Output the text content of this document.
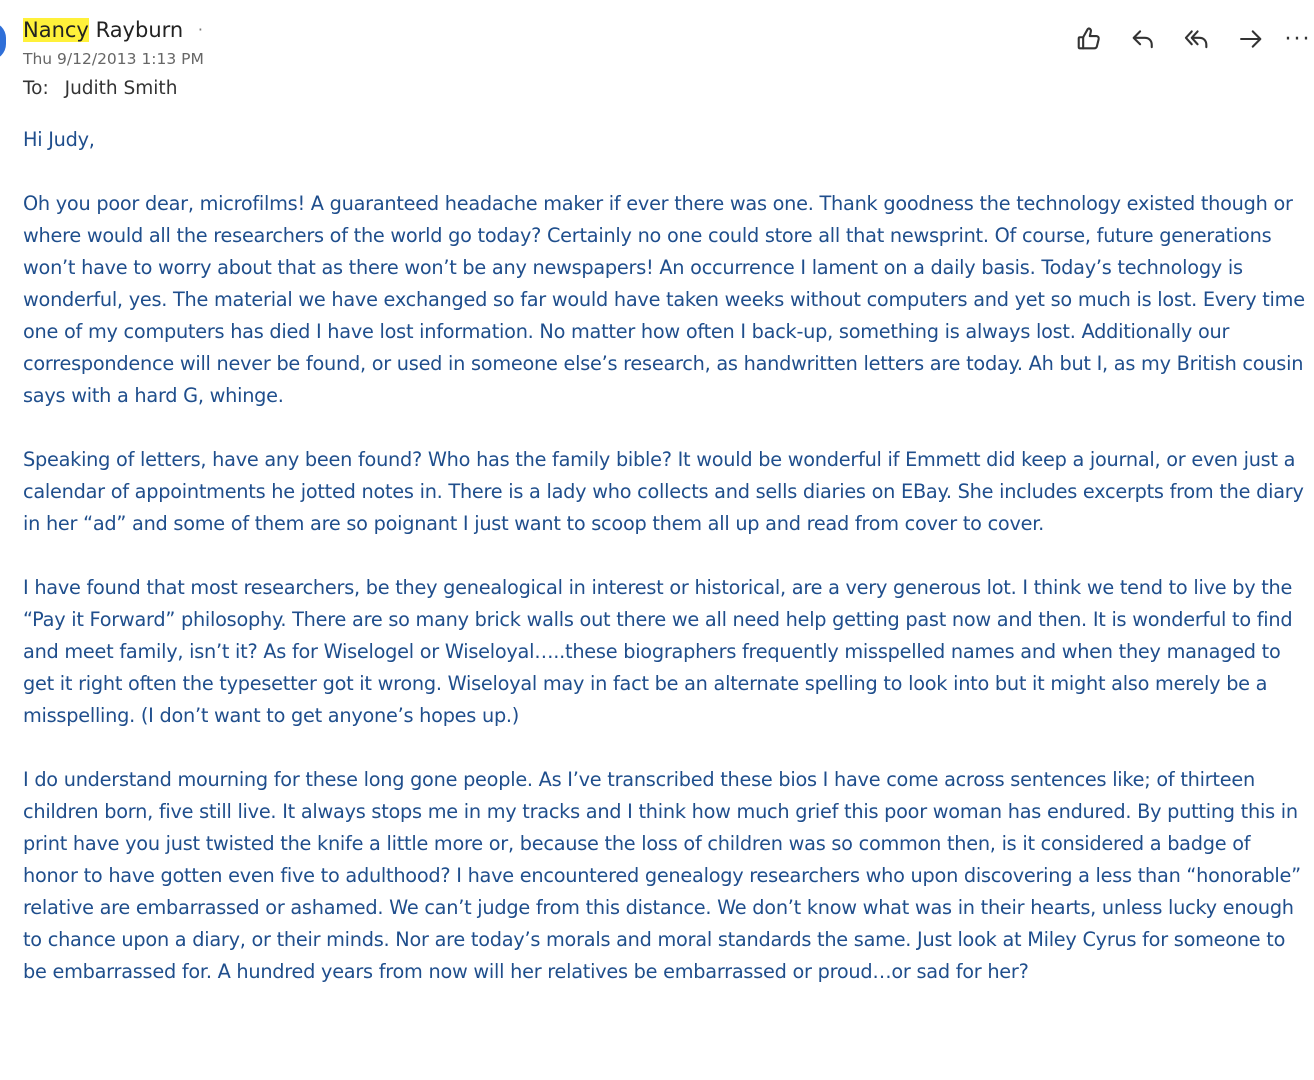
Nancy Rayburn ·
Thu 9/12/2013 1:13 PM
To: Judith Smith
···

Hi Judy,

Oh you poor dear, microfilms! A guaranteed headache maker if ever there was one. Thank goodness the technology existed though or where would all the researchers of the world go today? Certainly no one could store all that newsprint. Of course, future generations won’t have to worry about that as there won’t be any newspapers! An occurrence I lament on a daily basis. Today’s technology is wonderful, yes. The material we have exchanged so far would have taken weeks without computers and yet so much is lost. Every time one of my computers has died I have lost information. No matter how often I back-up, something is always lost. Additionally our correspondence will never be found, or used in someone else’s research, as handwritten letters are today. Ah but I, as my British cousin says with a hard G, whinge.

Speaking of letters, have any been found? Who has the family bible? It would be wonderful if Emmett did keep a journal, or even just a calendar of appointments he jotted notes in. There is a lady who collects and sells diaries on EBay. She includes excerpts from the diary in her “ad” and some of them are so poignant I just want to scoop them all up and read from cover to cover.

I have found that most researchers, be they genealogical in interest or historical, are a very generous lot. I think we tend to live by the “Pay it Forward” philosophy. There are so many brick walls out there we all need help getting past now and then. It is wonderful to find and meet family, isn’t it? As for Wiselogel or Wiseloyal…..these biographers frequently misspelled names and when they managed to get it right often the typesetter got it wrong. Wiseloyal may in fact be an alternate spelling to look into but it might also merely be a misspelling. (I don’t want to get anyone’s hopes up.)

I do understand mourning for these long gone people. As I’ve transcribed these bios I have come across sentences like; of thirteen children born, five still live. It always stops me in my tracks and I think how much grief this poor woman has endured. By putting this in print have you just twisted the knife a little more or, because the loss of children was so common then, is it considered a badge of honor to have gotten even five to adulthood? I have encountered genealogy researchers who upon discovering a less than “honorable” relative are embarrassed or ashamed. We can’t judge from this distance. We don’t know what was in their hearts, unless lucky enough to chance upon a diary, or their minds. Nor are today’s morals and moral standards the same. Just look at Miley Cyrus for someone to be embarrassed for. A hundred years from now will her relatives be embarrassed or proud…or sad for her?
